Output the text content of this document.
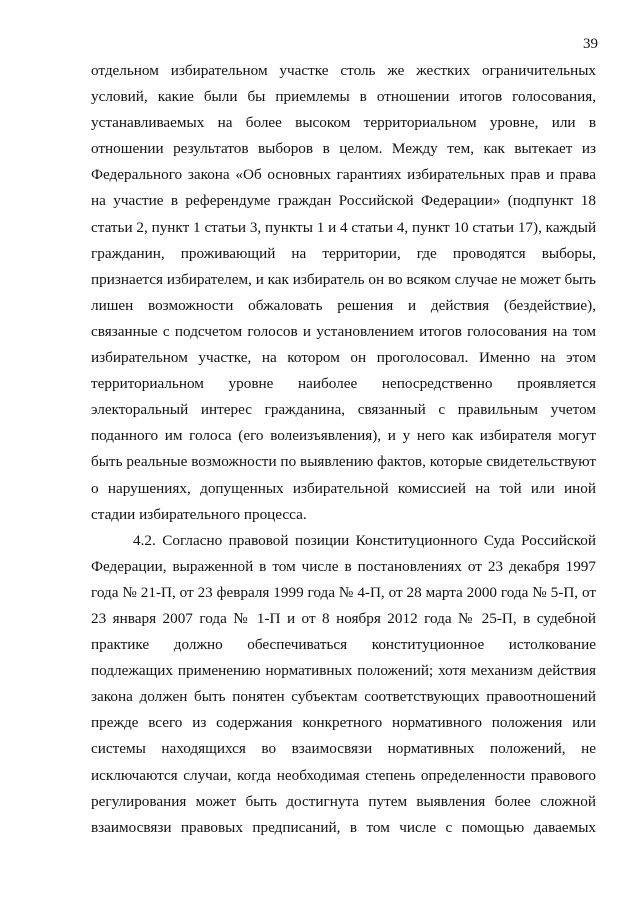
39
отдельном избирательном участке столь же жестких ограничительных
условий, какие были бы приемлемы в отношении итогов голосования,
устанавливаемых на более высоком территориальном уровне, или в
отношении результатов выборов в целом. Между тем, как вытекает из
Федерального закона «Об основных гарантиях избирательных прав и права
на участие в референдуме граждан Российской Федерации» (подпункт 18
статьи 2, пункт 1 статьи 3, пункты 1 и 4 статьи 4, пункт 10 статьи 17), каждый
гражданин, проживающий на территории, где проводятся выборы,
признается избирателем, и как избиратель он во всяком случае не может быть
лишен возможности обжаловать решения и действия (бездействие),
связанные с подсчетом голосов и установлением итогов голосования на том
избирательном участке, на котором он проголосовал. Именно на этом
территориальном уровне наиболее непосредственно проявляется
электоральный интерес гражданина, связанный с правильным учетом
поданного им голоса (его волеизъявления), и у него как избирателя могут
быть реальные возможности по выявлению фактов, которые свидетельствуют
о нарушениях, допущенных избирательной комиссией на той или иной
стадии избирательного процесса.
4.2. Согласно правовой позиции Конституционного Суда Российской
Федерации, выраженной в том числе в постановлениях от 23 декабря 1997
года № 21-П, от 23 февраля 1999 года № 4-П, от 28 марта 2000 года № 5-П, от
23 января 2007 года № 1-П и от 8 ноября 2012 года № 25-П, в судебной
практике должно обеспечиваться конституционное истолкование
подлежащих применению нормативных положений; хотя механизм действия
закона должен быть понятен субъектам соответствующих правоотношений
прежде всего из содержания конкретного нормативного положения или
системы находящихся во взаимосвязи нормативных положений, не
исключаются случаи, когда необходимая степень определенности правового
регулирования может быть достигнута путем выявления более сложной
взаимосвязи правовых предписаний, в том числе с помощью даваемых
